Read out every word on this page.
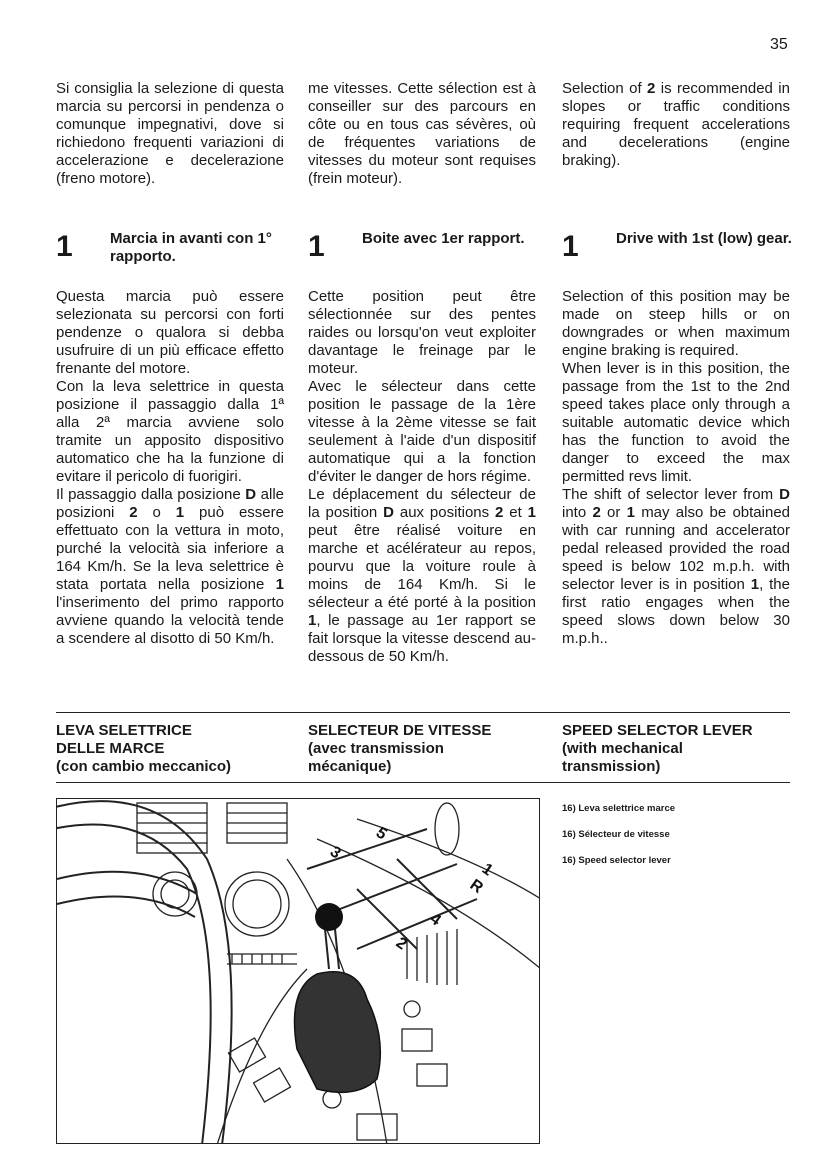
35

Si consiglia la selezione di questa marcia su percorsi in pendenza o comunque impegnativi, dove si richiedono frequenti variazioni di accelerazione e decelerazione (freno motore).

me vitesses. Cette sélection est à conseiller sur des parcours en côte ou en tous cas sévères, où de fréquentes variations de vitesses du moteur sont requises (frein moteur).

Selection of 2 is recommended in slopes or traffic conditions requiring frequent accelerations and decelerations (engine braking).

1 Marcia in avanti con 1° rapporto.	1 Boite avec 1er rapport.	1 Drive with 1st (low) gear.

Questa marcia può essere selezionata su percorsi con forti pendenze o qualora si debba usufruire di un più efficace effetto frenante del motore.

Con la leva selettrice in questa posizione il passaggio dalla 1ª alla 2ª marcia avviene solo tramite un apposito dispositivo automatico che ha la funzione di evitare il pericolo di fuorigiri.

Il passaggio dalla posizione D alle posizioni 2 o 1 può essere effettuato con la vettura in moto, purché la velocità sia inferiore a 164 Km/h. Se la leva selettrice è stata portata nella posizione 1 l'inserimento del primo rapporto avviene quando la velocità tende a scendere al disotto di 50 Km/h.

Cette position peut être sélectionnée sur des pentes raides ou lorsqu'on veut exploiter davantage le freinage par le moteur.

Avec le sélecteur dans cette position le passage de la 1ère vitesse à la 2ème vitesse se fait seulement à l'aide d'un dispositif automatique qui a la fonction d'éviter le danger de hors régime.

Le déplacement du sélecteur de la position D aux positions 2 et 1 peut être réalisé voiture en marche et acélérateur au repos, pourvu que la voiture roule à moins de 164 Km/h. Si le sélecteur a été porté à la position 1, le passage au 1er rapport se fait lorsque la vitesse descend au-dessous de 50 Km/h.

Selection of this position may be made on steep hills or on downgrades or when maximum engine braking is required.

When lever is in this position, the passage from the 1st to the 2nd speed takes place only through a suitable automatic device which has the function to avoid the danger to exceed the max permitted revs limit.

The shift of selector lever from D into 2 or 1 may also be obtained with car running and accelerator pedal released provided the road speed is below 102 m.p.h. with selector lever is in position 1, the first ratio engages when the speed slows down below 30 m.p.h..

LEVA SELETTRICE
DELLE MARCE
(con cambio meccanico)
SELECTEUR DE VITESSE
(avec transmission
mécanique)
SPEED SELECTOR LEVER
(with mechanical
transmission)
5
3
2
4
R
1
16) Leva selettrice marce
16) Sélecteur de vitesse
16) Speed selector lever
